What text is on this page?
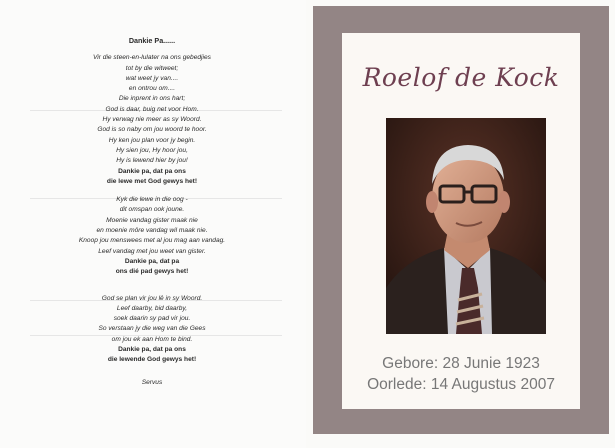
Dankie Pa......
Vir die steen-en-lulater na ons gebedjies
tot by die witweet;
wat weet jy van....
en ontrou om....
Die inprent in ons hart;
God is daar, buig net voor Hom.
Hy verwag nie meer as sy Woord.
God is so naby om jou woord te hoor.
Hy ken jou plan voor jy begin.
Hy sien jou, Hy hoor jou,
Hy is lewend hier by jou!
Dankie pa, dat pa ons
die lewe met God gewys het!
Kyk die lewe in die oog -
dit omspan ook joune.
Moenie vandag gister maak nie
en moenie môre vandag wil maak nie.
Knoop jou menswees met al jou mag aan vandag.
Leef vandag met jou weet van gister.
Dankie pa, dat pa
ons dié pad gewys het!
God se plan vir jou lê in sy Woord.
Leef daarby, bid daarby,
soek daarin sy pad vir jou.
So verstaan jy die weg van die Gees
om jou ek aan Hom te bind.
Dankie pa, dat pa ons
die lewende God gewys het!
Servus
Roelof de Kock
Gebore: 28 Junie 1923
Oorlede: 14 Augustus 2007
